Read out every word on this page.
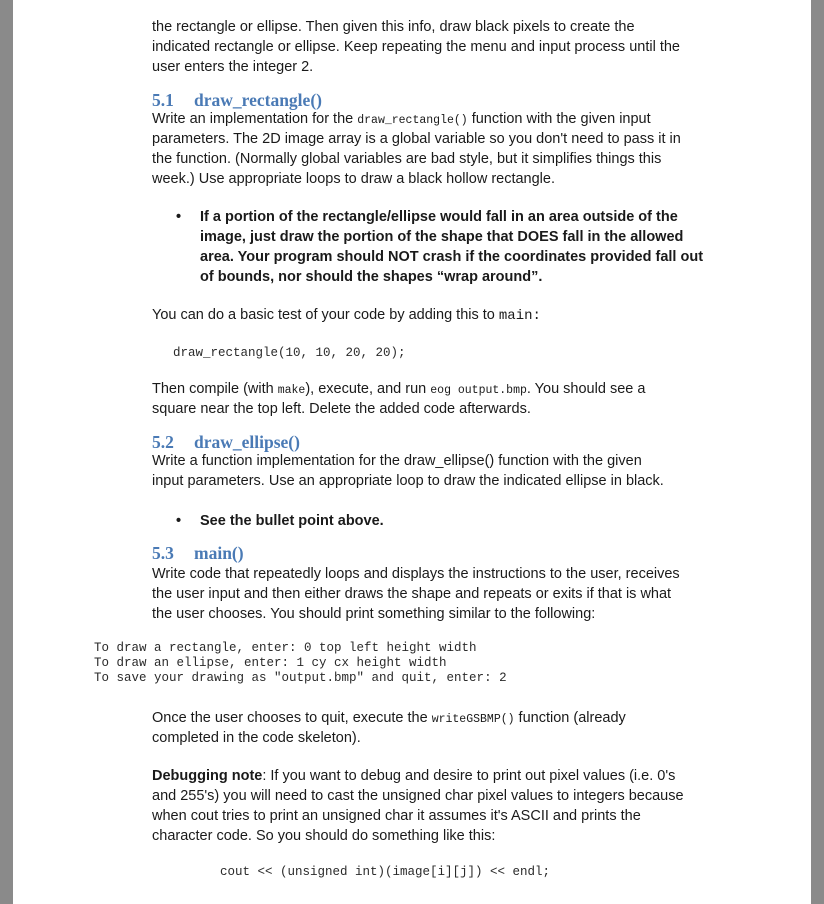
the rectangle or ellipse. Then given this info, draw black pixels to create the
indicated rectangle or ellipse. Keep repeating the menu and input process until the
user enters the integer 2.
5.1 draw_rectangle()
Write an implementation for the draw_rectangle() function with the given input
parameters. The 2D image array is a global variable so you don't need to pass it in
the function. (Normally global variables are bad style, but it simplifies things this
week.) Use appropriate loops to draw a black hollow rectangle.
• If a portion of the rectangle/ellipse would fall in an area outside of the
image, just draw the portion of the shape that DOES fall in the allowed
area. Your program should NOT crash if the coordinates provided fall out
of bounds, nor should the shapes “wrap around”.
You can do a basic test of your code by adding this to main:
draw_rectangle(10, 10, 20, 20);
Then compile (with make), execute, and run eog output.bmp. You should see a
square near the top left. Delete the added code afterwards.
5.2 draw_ellipse()
Write a function implementation for the draw_ellipse() function with the given
input parameters. Use an appropriate loop to draw the indicated ellipse in black.
• See the bullet point above.
5.3 main()
Write code that repeatedly loops and displays the instructions to the user, receives
the user input and then either draws the shape and repeats or exits if that is what
the user chooses. You should print something similar to the following:
To draw a rectangle, enter: 0 top left height width
To draw an ellipse, enter: 1 cy cx height width
To save your drawing as "output.bmp" and quit, enter: 2
Once the user chooses to quit, execute the writeGSBMP() function (already
completed in the code skeleton).
Debugging note: If you want to debug and desire to print out pixel values (i.e. 0's
and 255's) you will need to cast the unsigned char pixel values to integers because
when cout tries to print an unsigned char it assumes it's ASCII and prints the
character code. So you should do something like this:
cout << (unsigned int)(image[i][j]) << endl;
